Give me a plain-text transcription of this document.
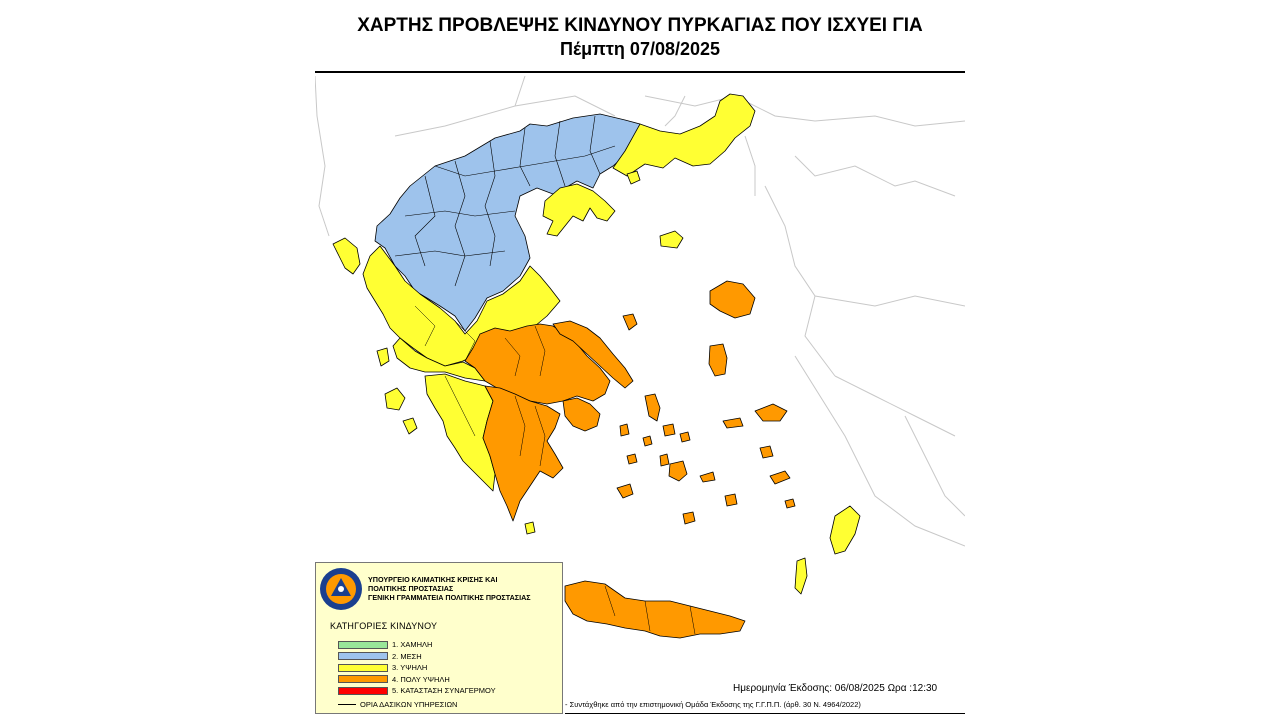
ΧΑΡΤΗΣ ΠΡΟΒΛΕΨΗΣ ΚΙΝΔΥΝΟΥ ΠΥΡΚΑΓΙΑΣ ΠΟΥ ΙΣΧΥΕΙ ΓΙΑ
Πέμπτη 07/08/2025
ΥΠΟΥΡΓΕΙΟ ΚΛΙΜΑΤΙΚΗΣ ΚΡΙΣΗΣ ΚΑΙ
ΠΟΛΙΤΙΚΗΣ ΠΡΟΣΤΑΣΙΑΣ
ΓΕΝΙΚΗ ΓΡΑΜΜΑΤΕΙΑ ΠΟΛΙΤΙΚΗΣ ΠΡΟΣΤΑΣΙΑΣ
ΚΑΤΗΓΟΡΙΕΣ ΚΙΝΔΥΝΟΥ
1. ΧΑΜΗΛΗ
2. ΜΕΣΗ
3. ΥΨΗΛΗ
4. ΠΟΛΥ ΥΨΗΛΗ
5. ΚΑΤΑΣΤΑΣΗ ΣΥΝΑΓΕΡΜΟΥ
ΟΡΙΑ ΔΑΣΙΚΩΝ ΥΠΗΡΕΣΙΩΝ
Ημερομηνία Έκδοσης: 06/08/2025 Ωρα :12:30
- Συντάχθηκε από την επιστημονική Ομάδα Έκδοσης της Γ.Γ.Π.Π. (άρθ. 30 Ν. 4964/2022)
